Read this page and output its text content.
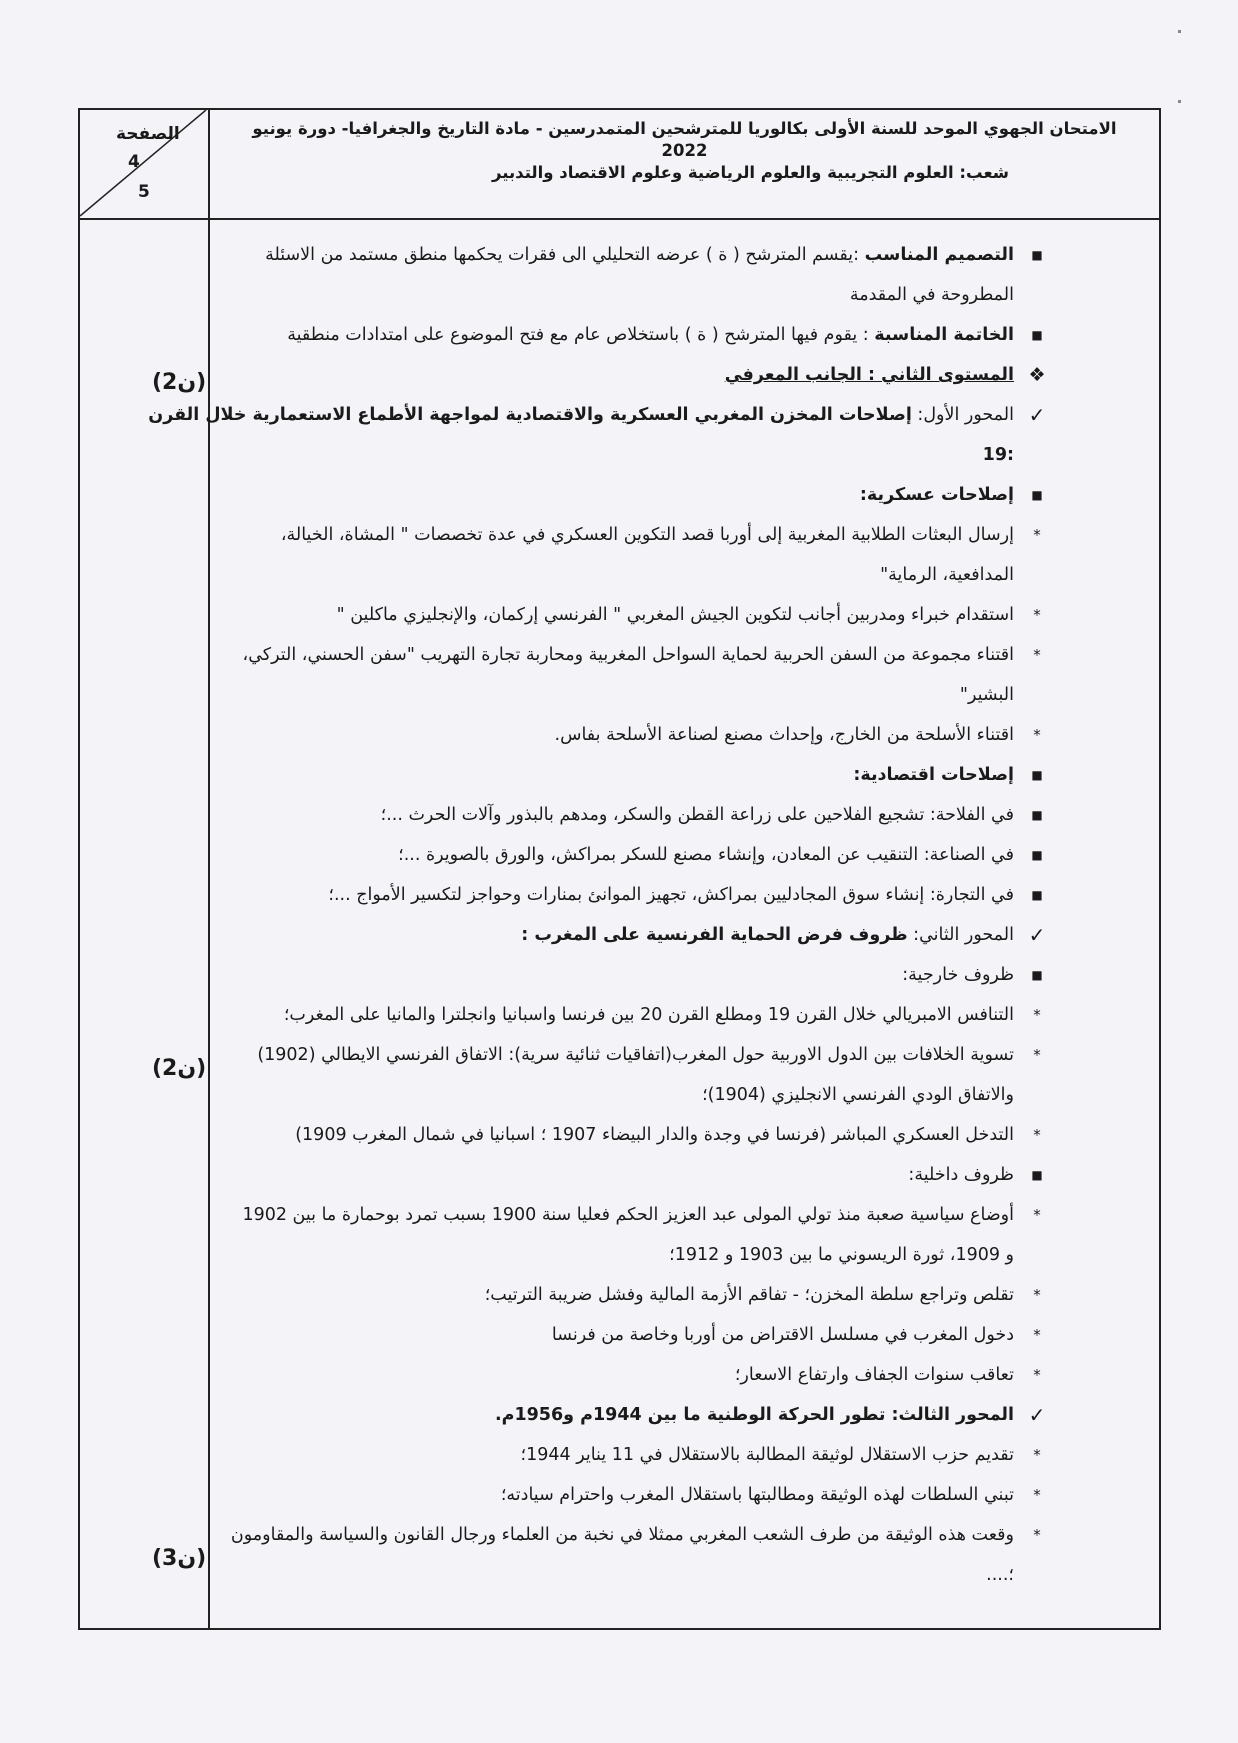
الصفحة
4
5
الامتحان الجهوي الموحد للسنة الأولى بكالوريا للمترشحين المتمدرسين - مادة التاريخ والجغرافيا- دورة يونيو
2022
شعب: العلوم التجريبية والعلوم الرياضية وعلوم الاقتصاد والتدبير
(2ن)
(2ن)
(3ن)
■
التصميم المناسب :يقسم المترشح ( ة ) عرضه التحليلي الى فقرات يحكمها منطق مستمد من الاسئلة
المطروحة في المقدمة
■
الخاتمة المناسبة : يقوم فيها المترشح ( ة ) باستخلاص عام مع فتح الموضوع على امتدادات منطقية
❖
المستوى الثاني : الجانب المعرفي
✓
المحور الأول: إصلاحات المخزن المغربي العسكرية والاقتصادية لمواجهة الأطماع الاستعمارية خلال القرن
:19
■
إصلاحات عسكرية:
*
إرسال البعثات الطلابية المغربية إلى أوربا قصد التكوين العسكري في عدة تخصصات " المشاة، الخيالة،
المدافعية، الرماية"
*
استقدام خبراء ومدربين أجانب لتكوين الجيش المغربي " الفرنسي إركمان، والإنجليزي ماكلين "
*
اقتناء مجموعة من السفن الحربية لحماية السواحل المغربية ومحاربة تجارة التهريب "سفن الحسني، التركي،
البشير"
*
اقتناء الأسلحة من الخارج، وإحداث مصنع لصناعة الأسلحة بفاس.
■
إصلاحات اقتصادية:
■
في الفلاحة: تشجيع الفلاحين على زراعة القطن والسكر، ومدهم بالبذور وآلات الحرث ...؛
■
في الصناعة: التنقيب عن المعادن، وإنشاء مصنع للسكر بمراكش، والورق بالصويرة ...؛
■
في التجارة: إنشاء سوق المجادليين بمراكش، تجهيز الموانئ بمنارات وحواجز لتكسير الأمواج ...؛
✓
المحور الثاني: ظروف فرض الحماية الفرنسية على المغرب :
■
ظروف خارجية:
*
التنافس الامبريالي خلال القرن 19 ومطلع القرن 20 بين فرنسا واسبانيا وانجلترا والمانيا على المغرب؛
*
تسوية الخلافات بين الدول الاوربية حول المغرب(اتفاقيات ثنائية سرية): الاتفاق الفرنسي الايطالي (1902)
والاتفاق الودي الفرنسي الانجليزي (1904)؛
*
التدخل العسكري المباشر (فرنسا في وجدة والدار البيضاء 1907 ؛ اسبانيا في شمال المغرب 1909)
■
ظروف داخلية:
*
أوضاع سياسية صعبة منذ تولي المولى عبد العزيز الحكم فعليا سنة 1900 بسبب تمرد بوحمارة ما بين 1902
و 1909، ثورة الريسوني ما بين 1903 و 1912؛
*
تقلص وتراجع سلطة المخزن؛ - تفاقم الأزمة المالية وفشل ضريبة الترتيب؛
*
دخول المغرب في مسلسل الاقتراض من أوربا وخاصة من فرنسا
*
تعاقب سنوات الجفاف وارتفاع الاسعار؛
✓
المحور الثالث: تطور الحركة الوطنية ما بين 1944م و1956م.
*
تقديم حزب الاستقلال لوثيقة المطالبة بالاستقلال في 11 يناير 1944؛
*
تبني السلطات لهذه الوثيقة ومطالبتها باستقلال المغرب واحترام سيادته؛
*
وقعت هذه الوثيقة من طرف الشعب المغربي ممثلا في نخبة من العلماء ورجال القانون والسياسة والمقاومون
؛....
